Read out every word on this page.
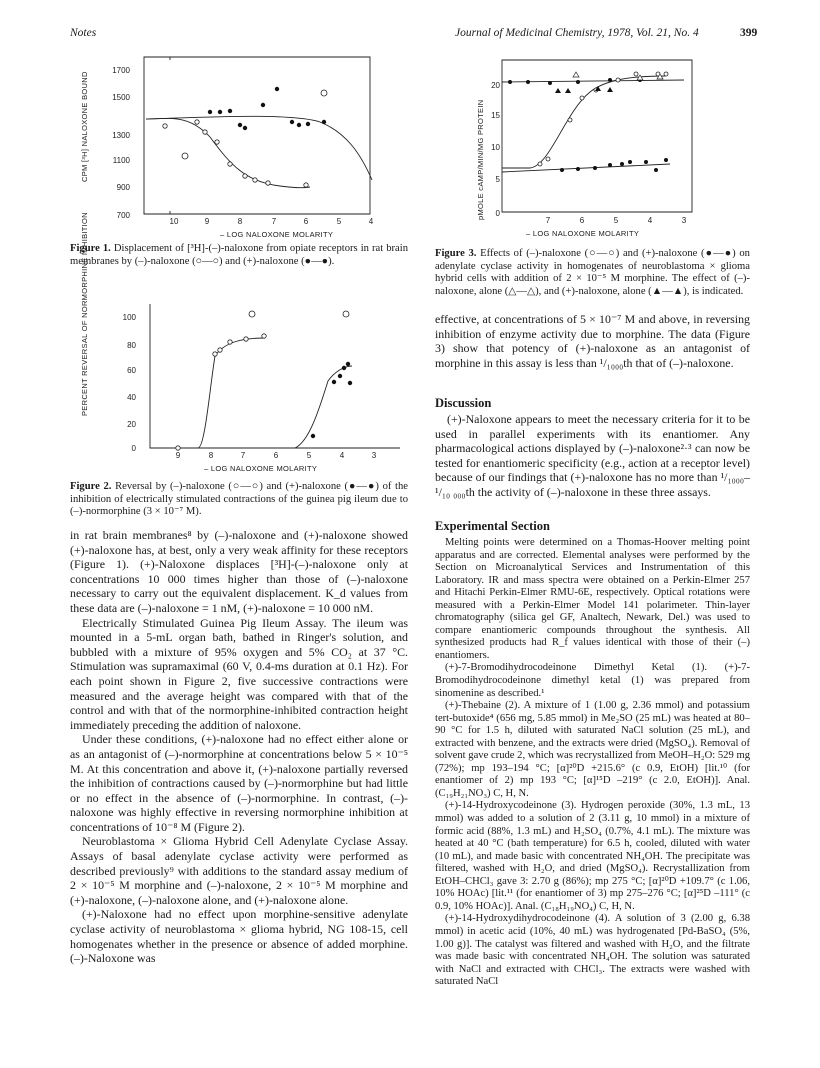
Notes	Journal of Medicinal Chemistry, 1978, Vol. 21, No. 4	399
CPM [³H] NALOXONE BOUND
1700
1500
1300
1100
900
700
10	9	8	7	6	5	4
– LOG NALOXONE MOLARITY
Figure 1. Displacement of [³H]-(–)-naloxone from opiate receptors in rat brain membranes by (–)-naloxone (○—○) and (+)-naloxone (●—●).
PERCENT REVERSAL OF NORMORPHINE INHIBITION	100
80
60
40
20
0
9	8	7	6	5	4	3
– LOG NALOXONE MOLARITY
Figure 2. Reversal by (–)-naloxone (○—○) and (+)-naloxone (●—●) of the inhibition of electrically stimulated contractions of the guinea pig ileum due to (–)-normorphine (3 × 10⁻⁷ M).
pMOLE cAMP/MIN/MG PROTEIN
20
15
10
5
0
7	6	5	4	3
– LOG NALOXONE MOLARITY
Figure 3. Effects of (–)-naloxone (○—○) and (+)-naloxone (●—●) on adenylate cyclase activity in homogenates of neuroblastoma × glioma hybrid cells with addition of 2 × 10⁻⁵ M morphine. The effect of (–)-naloxone, alone (△—△), and (+)-naloxone, alone (▲—▲), is indicated.

in rat brain membranes⁸ by (–)-naloxone and (+)-naloxone showed (+)-naloxone has, at best, only a very weak affinity for these receptors (Figure 1). (+)-Naloxone displaces [³H]-(–)-naloxone only at concentrations 10 000 times higher than those of (–)-naloxone necessary to carry out the equivalent displacement. K_d values from these data are (–)-naloxone = 1 nM, (+)-naloxone = 10 000 nM.

Electrically Stimulated Guinea Pig Ileum Assay. The ileum was mounted in a 5-mL organ bath, bathed in Ringer's solution, and bubbled with a mixture of 95% oxygen and 5% CO₂ at 37 °C. Stimulation was supramaximal (60 V, 0.4-ms duration at 0.1 Hz). For each point shown in Figure 2, five successive contractions were measured and the average height was compared with that of the control and with that of the normorphine-inhibited contraction height immediately preceding the addition of naloxone.

Under these conditions, (+)-naloxone had no effect either alone or as an antagonist of (–)-normorphine at concentrations below 5 × 10⁻⁵ M. At this concentration and above it, (+)-naloxone partially reversed the inhibition of contractions caused by (–)-normorphine but had little or no effect in the absence of (–)-normorphine. In contrast, (–)-naloxone was highly effective in reversing normorphine inhibition at concentrations of 10⁻⁸ M (Figure 2).

Neuroblastoma × Glioma Hybrid Cell Adenylate Cyclase Assay. Assays of basal adenylate cyclase activity were performed as described previously⁹ with additions to the standard assay medium of 2 × 10⁻⁵ M morphine and (–)-naloxone, 2 × 10⁻⁵ M morphine and (+)-naloxone, (–)-naloxone alone, and (+)-naloxone alone.

(+)-Naloxone had no effect upon morphine-sensitive adenylate cyclase activity of neuroblastoma × glioma hybrid, NG 108-15, cell homogenates whether in the presence or absence of added morphine. (–)-Naloxone was

effective, at concentrations of 5 × 10⁻⁷ M and above, in reversing inhibition of enzyme activity due to morphine. The data (Figure 3) show that potency of (+)-naloxone as an antagonist of morphine in this assay is less than ¹/₁₀₀₀th that of (–)-naloxone.
Discussion

(+)-Naloxone appears to meet the necessary criteria for it to be used in parallel experiments with its enantiomer. Any pharmacological actions displayed by (–)-naloxone²·³ can now be tested for enantiomeric specificity (e.g., action at a receptor level) because of our findings that (+)-naloxone has no more than ¹/₁₀₀₀–¹/₁₀ ₀₀₀th the activity of (–)-naloxone in these three assays.

Experimental Section

Melting points were determined on a Thomas-Hoover melting point apparatus and are corrected. Elemental analyses were performed by the Section on Microanalytical Services and Instrumentation of this Laboratory. IR and mass spectra were obtained on a Perkin-Elmer 257 and Hitachi Perkin-Elmer RMU-6E, respectively. Optical rotations were measured with a Perkin-Elmer Model 141 polarimeter. Thin-layer chromatography (silica gel GF, Analtech, Newark, Del.) was used to compare enantiomeric compounds throughout the synthesis. All synthesized products had R_f values identical with those of their (–) enantiomers.

(+)-7-Bromodihydrocodeinone Dimethyl Ketal (1). (+)-7-Bromodihydrocodeinone dimethyl ketal (1) was prepared from sinomenine as described.¹

(+)-Thebaine (2). A mixture of 1 (1.00 g, 2.36 mmol) and potassium tert-butoxide⁴ (656 mg, 5.85 mmol) in Me₂SO (25 mL) was heated at 80–90 °C for 1.5 h, diluted with saturated NaCl solution (25 mL), and extracted with benzene, and the extracts were dried (MgSO₄). Removal of solvent gave crude 2, which was recrystallized from MeOH–H₂O: 529 mg (72%); mp 193–194 °C; [α]²⁰D +215.6° (c 0.9, EtOH) [lit.¹⁰ (for enantiomer of 2) mp 193 °C; [α]¹⁵D –219° (c 2.0, EtOH)]. Anal. (C₁₉H₂₁NO₃) C, H, N.

(+)-14-Hydroxycodeinone (3). Hydrogen peroxide (30%, 1.3 mL, 13 mmol) was added to a solution of 2 (3.11 g, 10 mmol) in a mixture of formic acid (88%, 1.3 mL) and H₂SO₄ (0.7%, 4.1 mL). The mixture was heated at 40 °C (bath temperature) for 6.5 h, cooled, diluted with water (10 mL), and made basic with concentrated NH₄OH. The precipitate was filtered, washed with H₂O, and dried (MgSO₄). Recrystallization from EtOH–CHCl₃ gave 3: 2.70 g (86%); mp 275 °C; [α]²⁰D +109.7° (c 1.06, 10% HOAc) [lit.¹¹ (for enantiomer of 3) mp 275–276 °C; [α]²⁵D –111° (c 0.9, 10% HOAc)]. Anal. (C₁₈H₁₉NO₄) C, H, N.

(+)-14-Hydroxydihydrocodeinone (4). A solution of 3 (2.00 g, 6.38 mmol) in acetic acid (10%, 40 mL) was hydrogenated [Pd-BaSO₄ (5%, 1.00 g)]. The catalyst was filtered and washed with H₂O, and the filtrate was made basic with concentrated NH₄OH. The solution was saturated with NaCl and extracted with CHCl₃. The extracts were washed with saturated NaCl
